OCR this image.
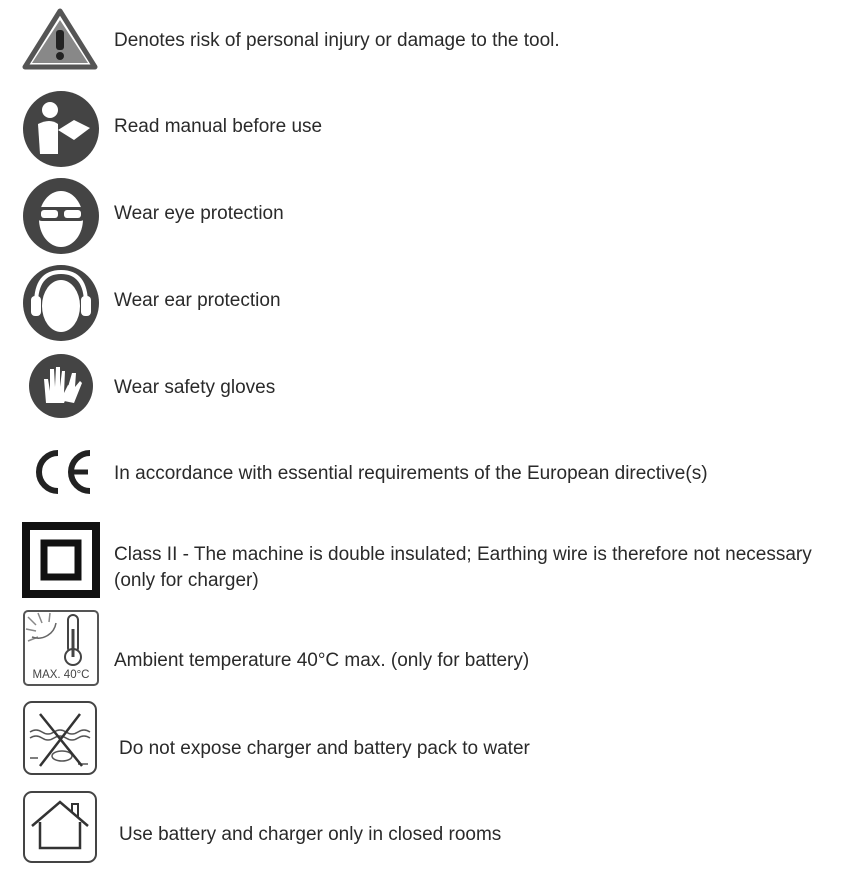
Denotes risk of personal injury or damage to the tool.
Read manual before use
Wear eye protection
Wear ear protection
Wear safety gloves
In accordance with essential requirements of the European directive(s)
Class II - The machine is double insulated; Earthing wire is therefore not necessary
(only for charger)
MAX. 40°C
Ambient temperature 40°C max. (only for battery)
Do not expose charger and battery pack to water
Use battery and charger only in closed rooms
